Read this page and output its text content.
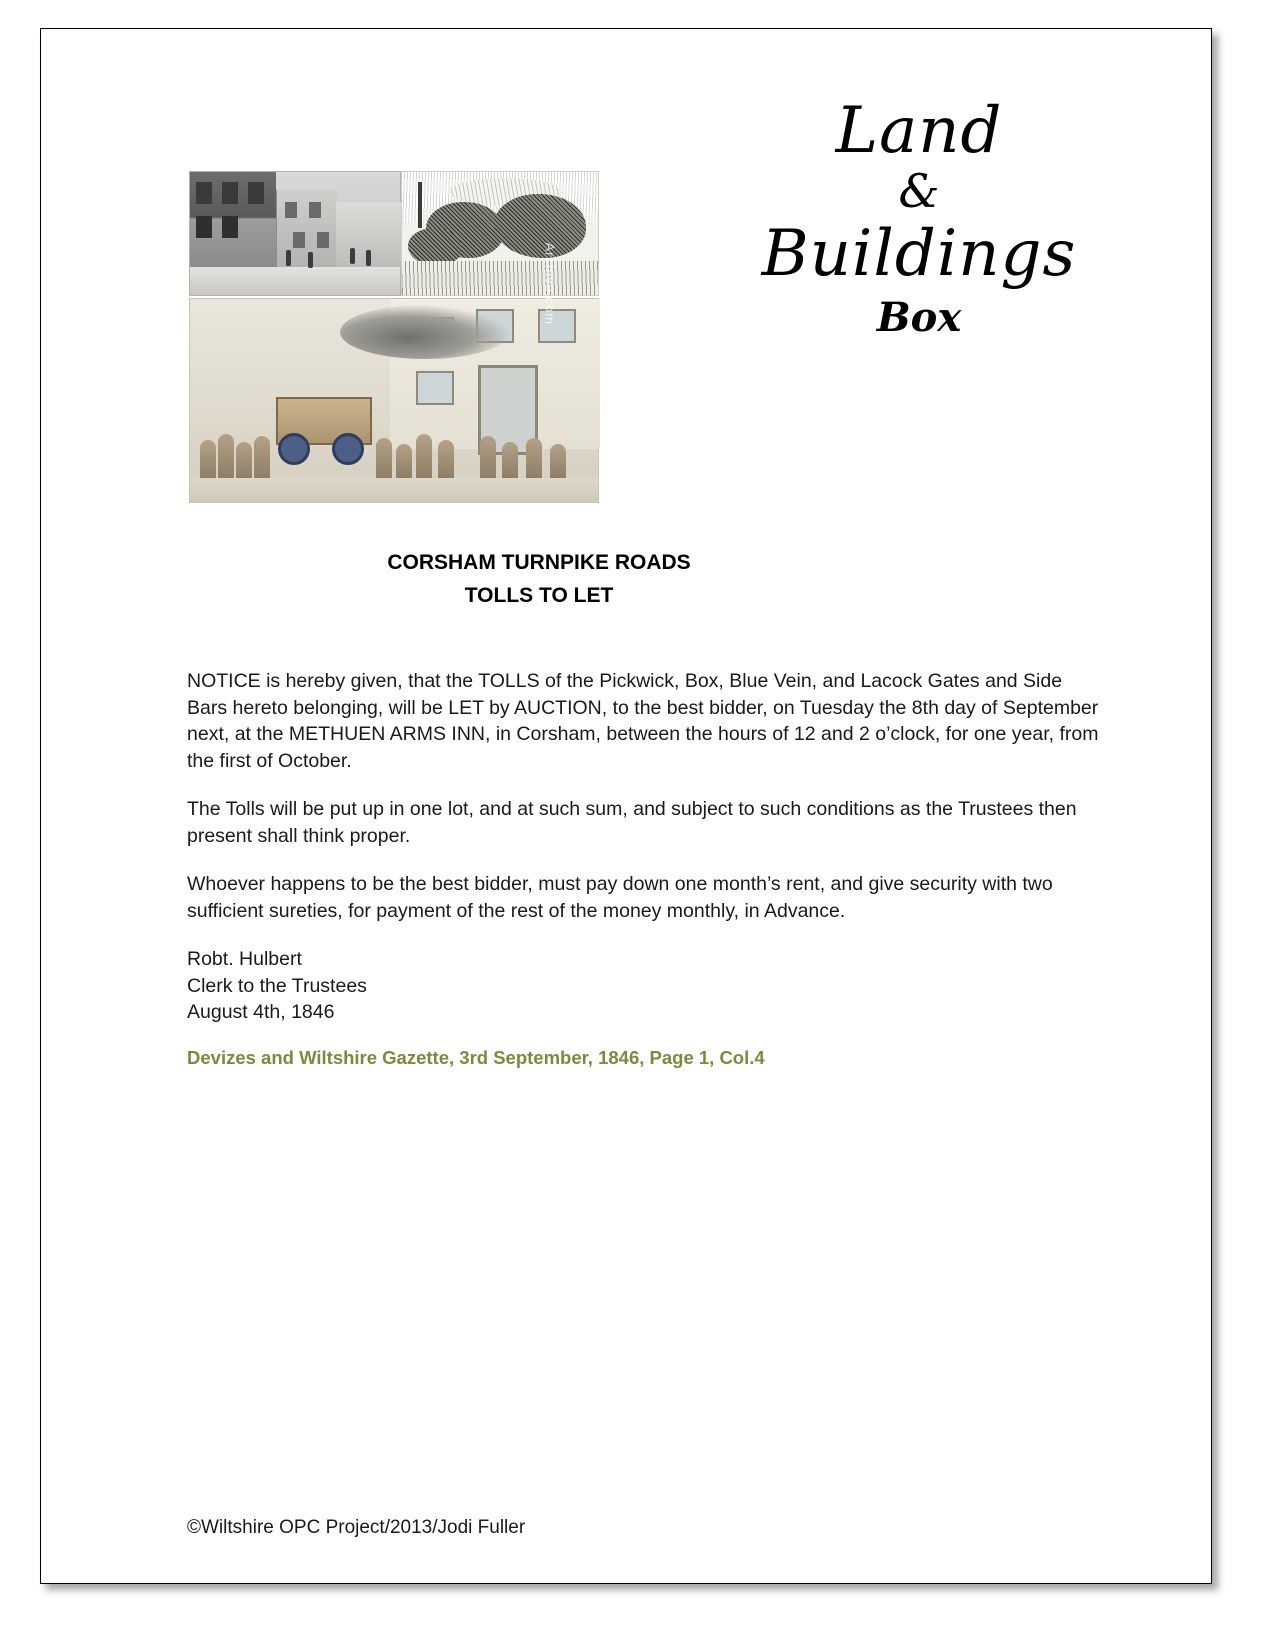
Land
&
Buildings
Box
Archive.com
CORSHAM TURNPIKE ROADS
TOLLS TO LET

NOTICE is hereby given, that the TOLLS of the Pickwick, Box, Blue Vein, and Lacock Gates and Side Bars hereto belonging, will be LET by AUCTION, to the best bidder, on Tuesday the 8th day of September next, at the METHUEN ARMS INN, in Corsham, between the hours of 12 and 2 o’clock, for one year, from the first of October.

The Tolls will be put up in one lot, and at such sum, and subject to such conditions as the Trustees then present shall think proper.

Whoever happens to be the best bidder, must pay down one month’s rent, and give security with two sufficient sureties, for payment of the rest of the money monthly, in Advance.

Robt. Hulbert
Clerk to the Trustees
August 4th, 1846
Devizes and Wiltshire Gazette, 3rd September, 1846, Page 1, Col.4
©Wiltshire OPC Project/2013/Jodi Fuller
